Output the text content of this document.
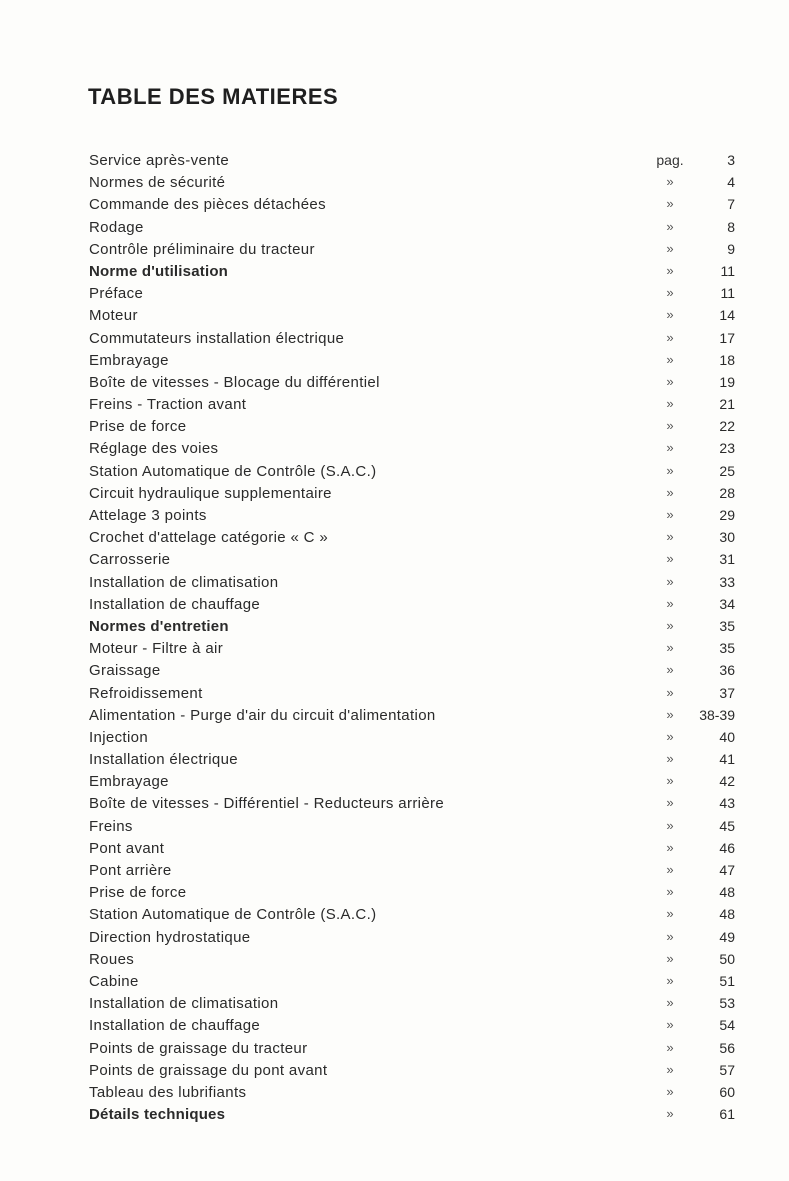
TABLE DES MATIERES
Service après-vente	pag.	3
Normes de sécurité	»	4
Commande des pièces détachées	»	7
Rodage	»	8
Contrôle préliminaire du tracteur	»	9
Norme d'utilisation	»	11
Préface	»	11
Moteur	»	14
Commutateurs installation électrique	»	17
Embrayage	»	18
Boîte de vitesses - Blocage du différentiel	»	19
Freins - Traction avant	»	21
Prise de force	»	22
Réglage des voies	»	23
Station Automatique de Contrôle (S.A.C.)	»	25
Circuit hydraulique supplementaire	»	28
Attelage 3 points	»	29
Crochet d'attelage catégorie « C »	»	30
Carrosserie	»	31
Installation de climatisation	»	33
Installation de chauffage	»	34
Normes d'entretien	»	35
Moteur - Filtre à air	»	35
Graissage	»	36
Refroidissement	»	37
Alimentation - Purge d'air du circuit d'alimentation	»	38-39
Injection	»	40
Installation électrique	»	41
Embrayage	»	42
Boîte de vitesses - Différentiel - Reducteurs arrière	»	43
Freins	»	45
Pont avant	»	46
Pont arrière	»	47
Prise de force	»	48
Station Automatique de Contrôle (S.A.C.)	»	48
Direction hydrostatique	»	49
Roues	»	50
Cabine	»	51
Installation de climatisation	»	53
Installation de chauffage	»	54
Points de graissage du tracteur	»	56
Points de graissage du pont avant	»	57
Tableau des lubrifiants	»	60
Détails techniques	»	61
